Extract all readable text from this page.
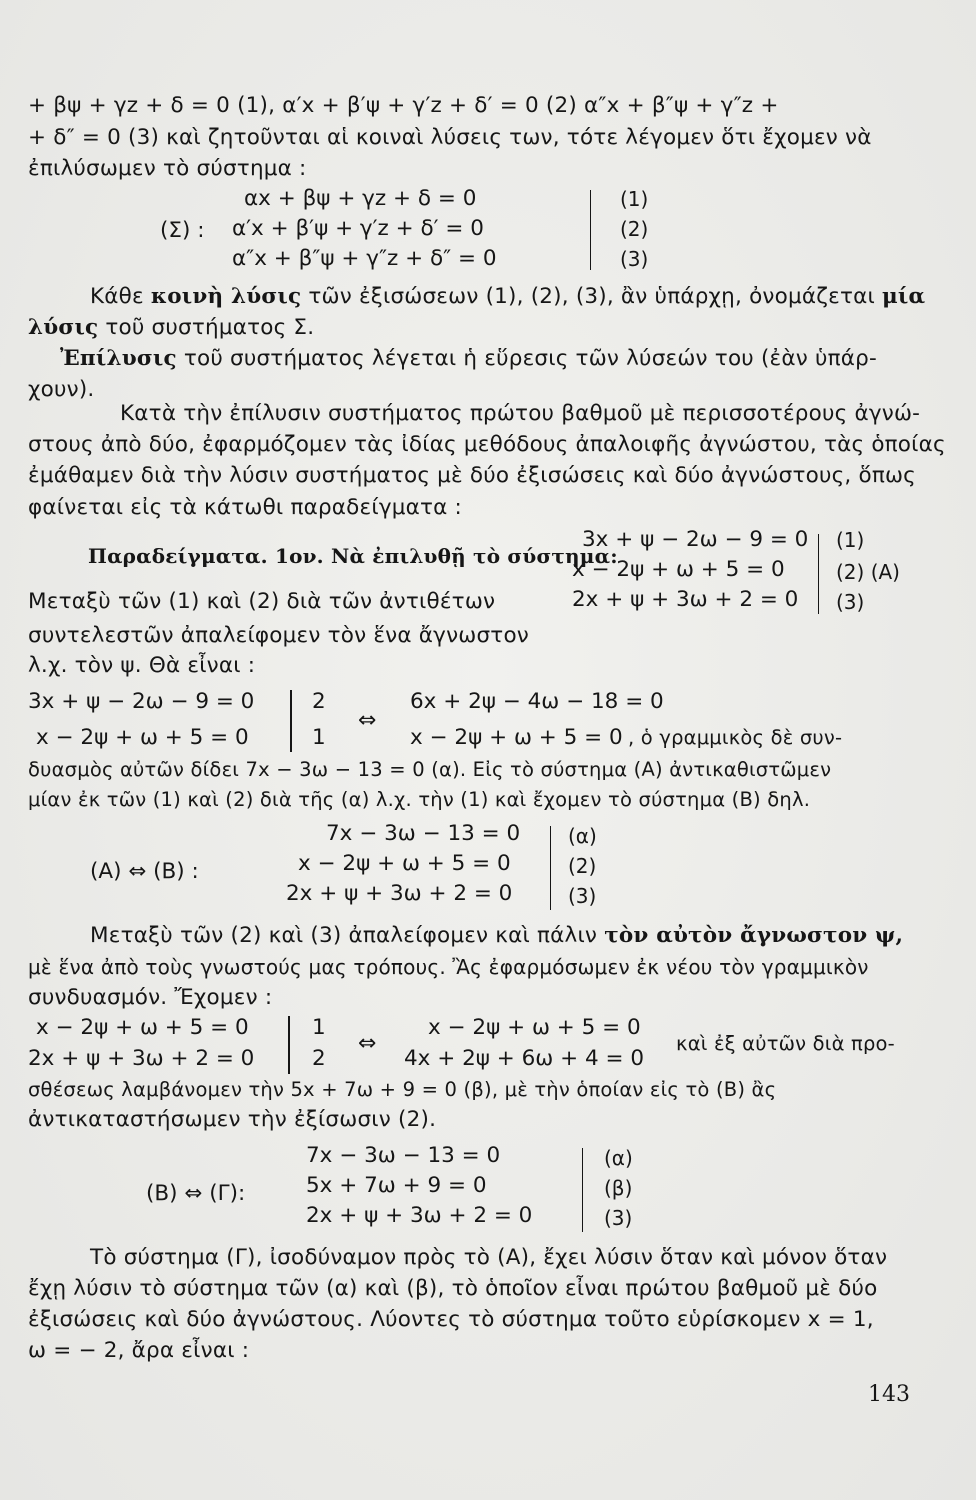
+ βψ + γz + δ = 0 (1), α′x + β′ψ + γ′z + δ′ = 0 (2) α″x + β″ψ + γ″z +
+ δ″ = 0 (3) καὶ ζητοῦνται αἱ κοιναὶ λύσεις των, τότε λέγομεν ὅτι ἔχομεν νὰ
ἐπιλύσωμεν τὸ σύστημα :
(Σ) :
αx + βψ + γz + δ = 0
α′x + β′ψ + γ′z + δ′ = 0
α″x + β″ψ + γ″z + δ″ = 0
(1)
(2)
(3)
Κάθε κοινὴ λύσις τῶν ἐξισώσεων (1), (2), (3), ἂν ὑπάρχῃ, ὀνομάζεται μία
λύσις τοῦ συστήματος Σ.
Ἐπίλυσις τοῦ συστήματος λέγεται ἡ εὕρεσις τῶν λύσεών του (ἐὰν ὑπάρ-
χουν).
Κατὰ τὴν ἐπίλυσιν συστήματος πρώτου βαθμοῦ μὲ περισσοτέρους ἀγνώ-
στους ἀπὸ δύο, ἐφαρμόζομεν τὰς ἰδίας μεθόδους ἀπαλοιφῆς ἀγνώστου, τὰς ὁποίας
ἐμάθαμεν διὰ τὴν λύσιν συστήματος μὲ δύο ἐξισώσεις καὶ δύο ἀγνώστους, ὅπως
φαίνεται εἰς τὰ κάτωθι παραδείγματα :
Παραδείγματα. 1ον. Νὰ ἐπιλυθῇ τὸ σύστημα:
3x + ψ − 2ω − 9 = 0
x − 2ψ + ω + 5 = 0
2x + ψ + 3ω + 2 = 0
(1)
(2) (A)
(3)
Μεταξὺ τῶν (1) καὶ (2) διὰ τῶν ἀντιθέτων
συντελεστῶν ἀπαλείφομεν τὸν ἕνα ἄγνωστον
λ.χ. τὸν ψ. Θὰ εἶναι :
3x + ψ − 2ω − 9 = 0
x − 2ψ + ω + 5 = 0
2
1
⇔
6x + 2ψ − 4ω − 18 = 0
x − 2ψ + ω + 5 = 0 , ὁ γραμμικὸς δὲ συν-
δυασμὸς αὐτῶν δίδει 7x − 3ω − 13 = 0 (α). Εἰς τὸ σύστημα (Α) ἀντικαθιστῶμεν
μίαν ἐκ τῶν (1) καὶ (2) διὰ τῆς (α) λ.χ. τὴν (1) καὶ ἔχομεν τὸ σύστημα (Β) δηλ.
(Α) ⇔ (Β) :
7x − 3ω − 13 = 0
x − 2ψ + ω + 5 = 0
2x + ψ + 3ω + 2 = 0
(α)
(2)
(3)
Μεταξὺ τῶν (2) καὶ (3) ἀπαλείφομεν καὶ πάλιν τὸν αὐτὸν ἄγνωστον ψ,
μὲ ἕνα ἀπὸ τοὺς γνωστούς μας τρόπους. Ἂς ἐφαρμόσωμεν ἐκ νέου τὸν γραμμικὸν
συνδυασμόν. Ἔχομεν :
x − 2ψ + ω + 5 = 0
2x + ψ + 3ω + 2 = 0
1
2
⇔
x − 2ψ + ω + 5 = 0
4x + 2ψ + 6ω + 4 = 0
καὶ ἐξ αὐτῶν διὰ προ-
σθέσεως λαμβάνομεν τὴν 5x + 7ω + 9 = 0 (β), μὲ τὴν ὁποίαν εἰς τὸ (Β) ἂς
ἀντικαταστήσωμεν τὴν ἐξίσωσιν (2).
(Β) ⇔ (Γ):
7x − 3ω − 13 = 0
5x + 7ω + 9 = 0
2x + ψ + 3ω + 2 = 0
(α)
(β)
(3)
Τὸ σύστημα (Γ), ἰσοδύναμον πρὸς τὸ (Α), ἔχει λύσιν ὅταν καὶ μόνον ὅταν
ἔχῃ λύσιν τὸ σύστημα τῶν (α) καὶ (β), τὸ ὁποῖον εἶναι πρώτου βαθμοῦ μὲ δύο
ἐξισώσεις καὶ δύο ἀγνώστους. Λύοντες τὸ σύστημα τοῦτο εὑρίσκομεν x = 1,
ω = − 2, ἄρα εἶναι :
143
